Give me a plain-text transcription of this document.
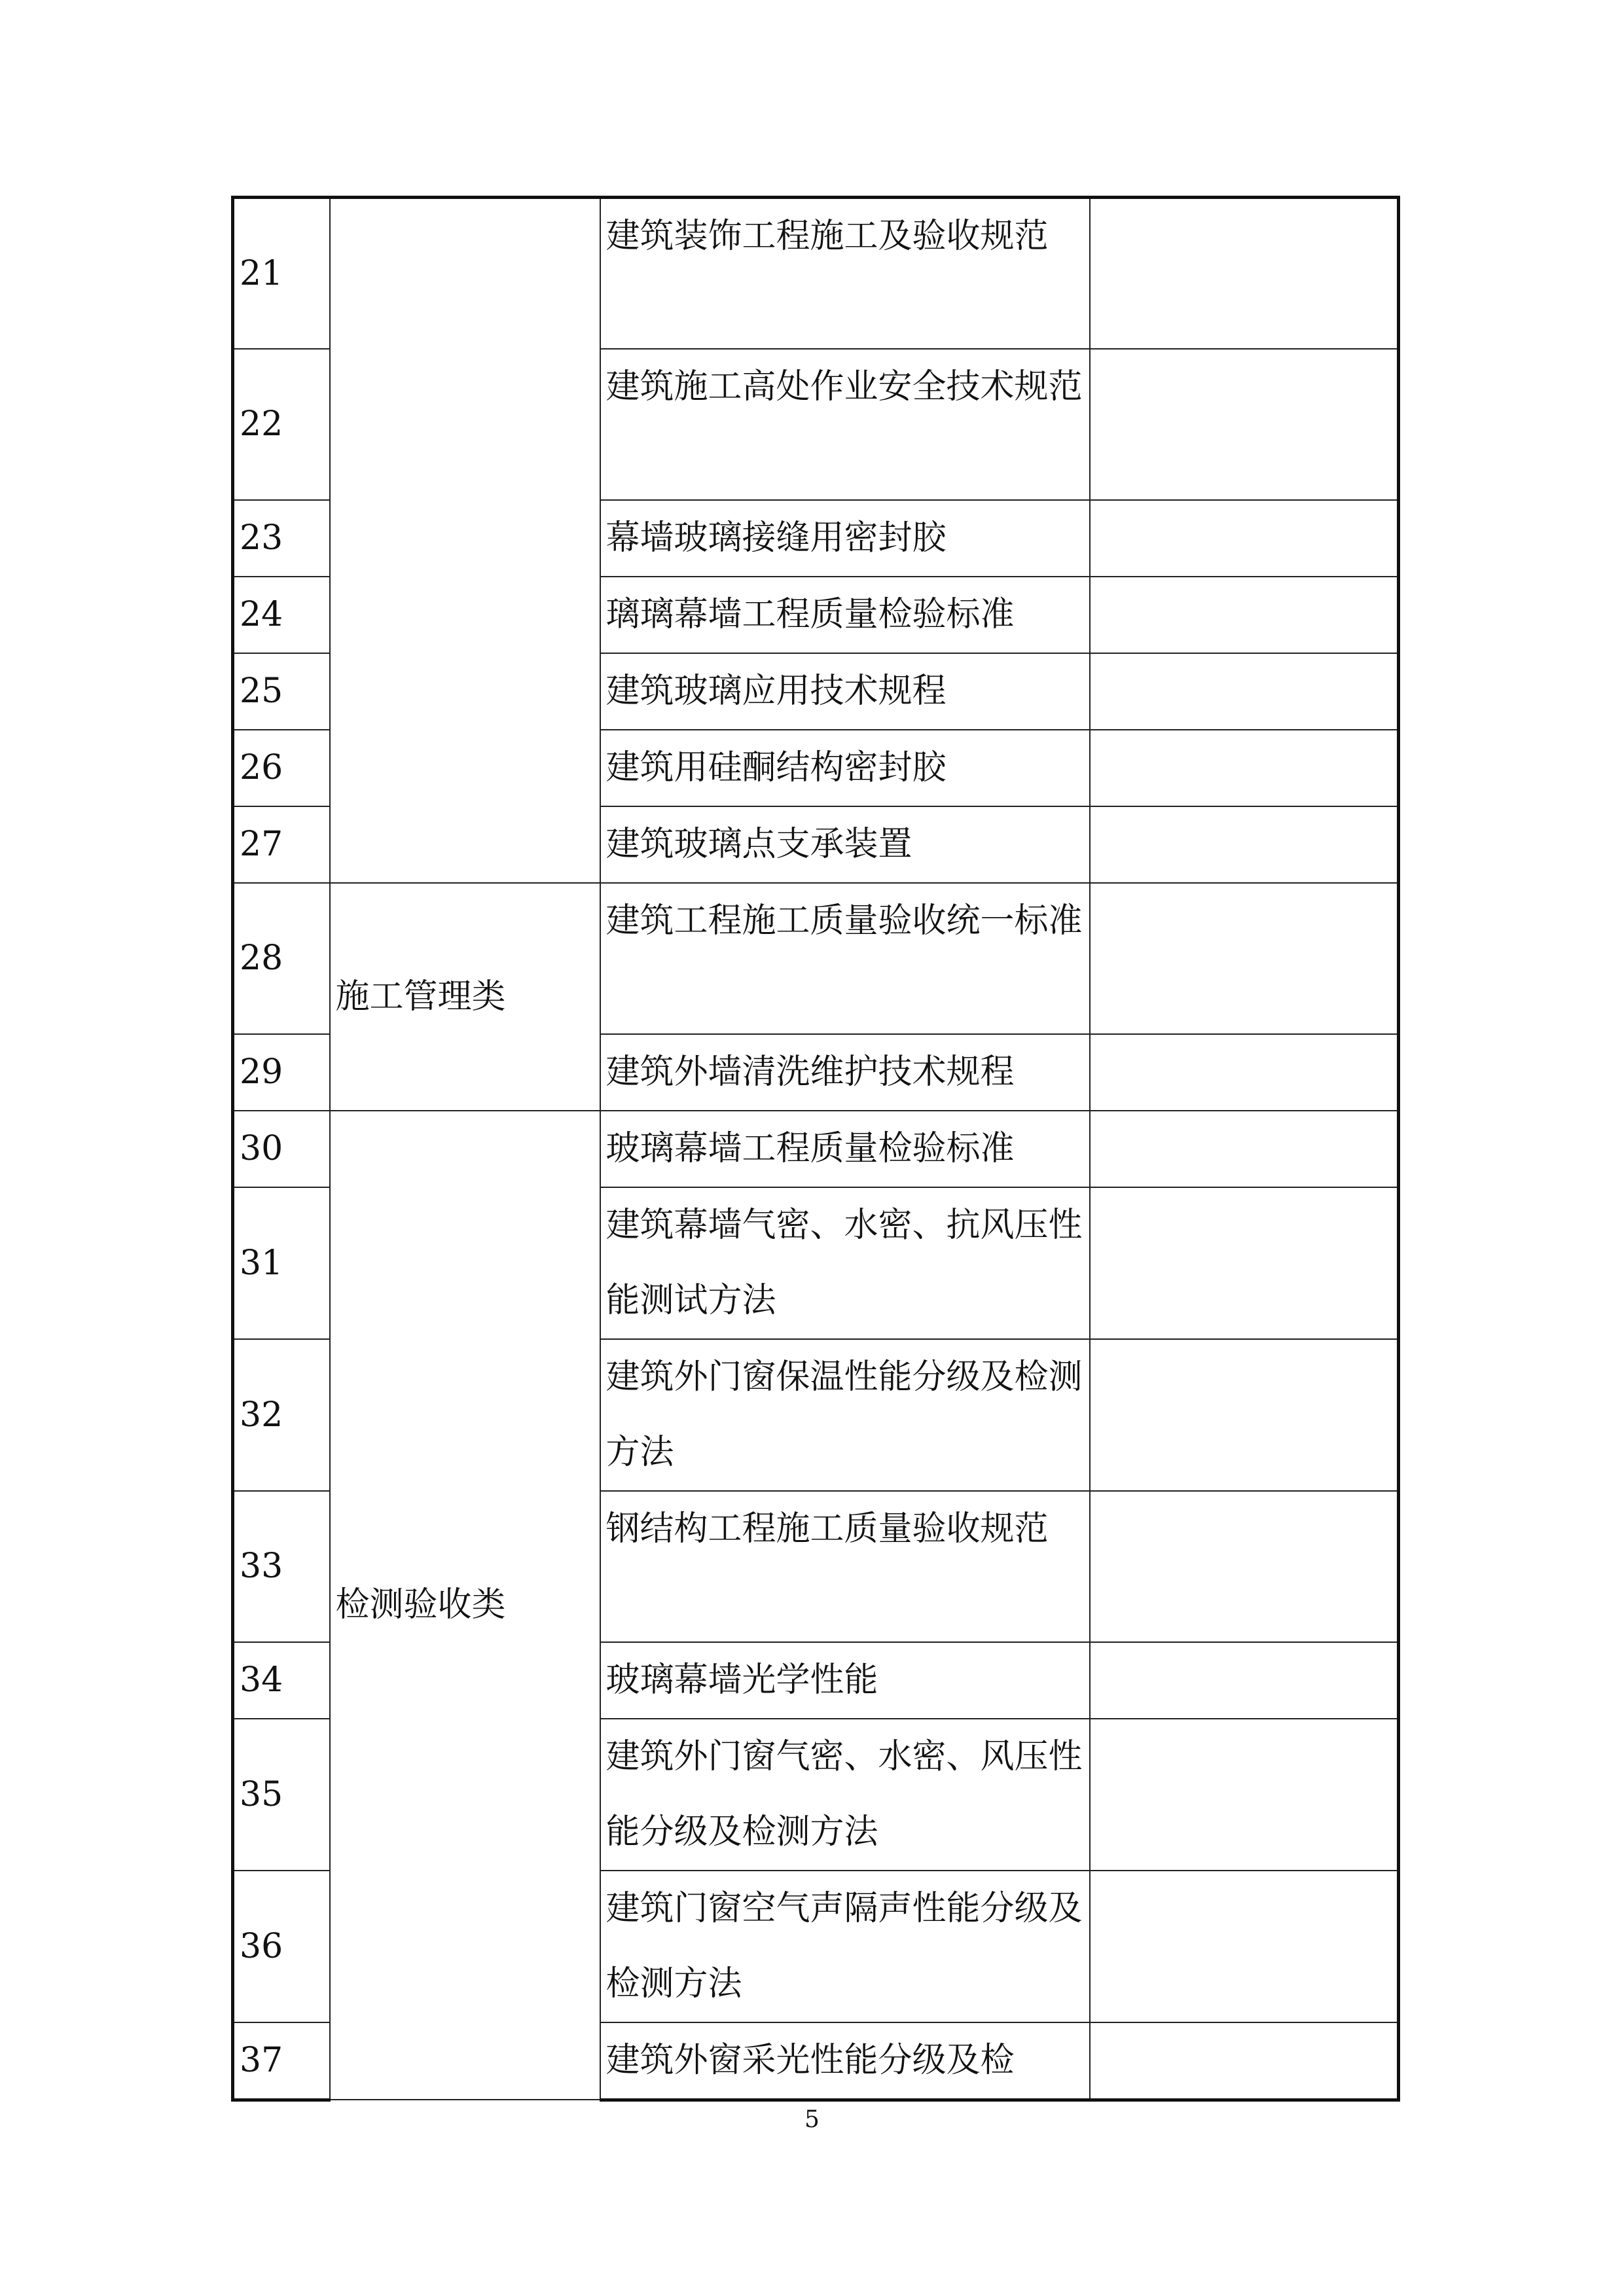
21		建筑装饰工程施工及验收规范	
22		建筑施工高处作业安全技术规范	
23		幕墙玻璃接缝用密封胶	
24		璃璃幕墙工程质量检验标准	
25		建筑玻璃应用技术规程	
26		建筑用硅酮结构密封胶	
27		建筑玻璃点支承装置	
28	施工管理类	建筑工程施工质量验收统一标准	
29		建筑外墙清洗维护技术规程	
30	检测验收类	玻璃幕墙工程质量检验标准	
31		建筑幕墙气密、水密、抗风压性能测试方法	
32		建筑外门窗保温性能分级及检测方法	
33		钢结构工程施工质量验收规范	
34		玻璃幕墙光学性能	
35		建筑外门窗气密、水密、风压性能分级及检测方法	
36		建筑门窗空气声隔声性能分级及检测方法	
37		建筑外窗采光性能分级及检	
5
